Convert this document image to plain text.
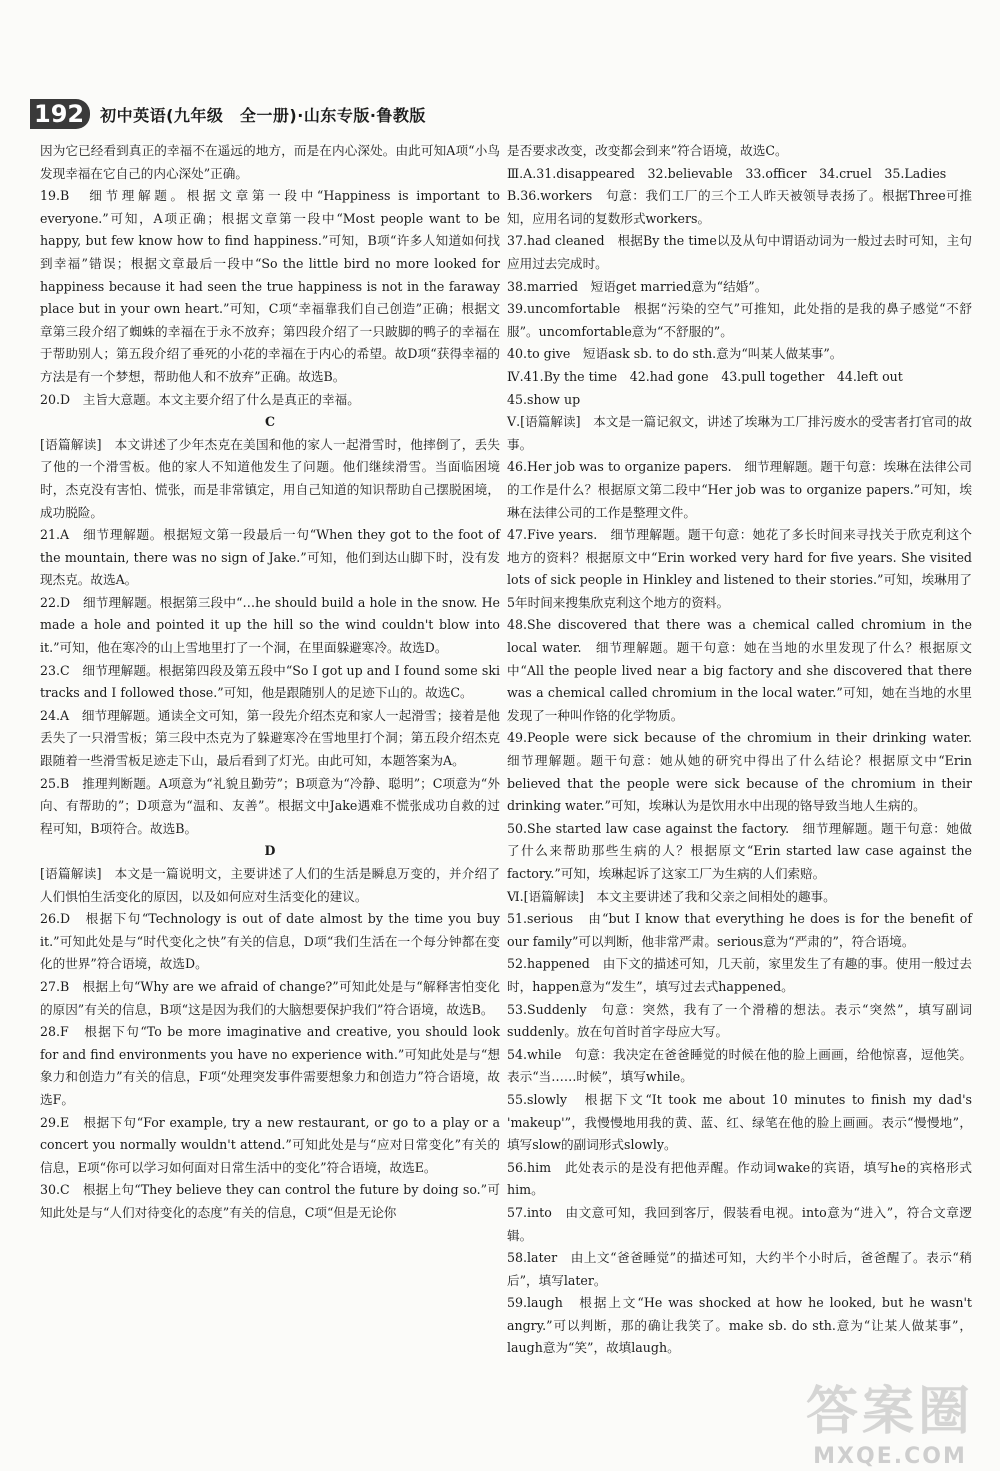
192	初中英语(九年级　全一册)·山东专版·鲁教版

因为它已经看到真正的幸福不在遥远的地方，而是在内心深处。由此可知A项“小鸟发现幸福在它自己的内心深处”正确。

19.B　细节理解题。根据文章第一段中“Happiness is important to everyone.”可知，A项正确；根据文章第一段中“Most people want to be happy, but few know how to find happiness.”可知，B项“许多人知道如何找到幸福”错误；根据文章最后一段中“So the little bird no more looked for happiness because it had seen the true happiness is not in the faraway place but in your own heart.”可知，C项“幸福靠我们自己创造”正确；根据文章第三段介绍了蜘蛛的幸福在于永不放弃；第四段介绍了一只跛脚的鸭子的幸福在于帮助别人；第五段介绍了垂死的小花的幸福在于内心的希望。故D项“获得幸福的方法是有一个梦想，帮助他人和不放弃”正确。故选B。

20.D　主旨大意题。本文主要介绍了什么是真正的幸福。

C

[语篇解读]　本文讲述了少年杰克在美国和他的家人一起滑雪时，他摔倒了，丢失了他的一个滑雪板。他的家人不知道他发生了问题。他们继续滑雪。当面临困境时，杰克没有害怕、慌张，而是非常镇定，用自己知道的知识帮助自己摆脱困境，成功脱险。

21.A　细节理解题。根据短文第一段最后一句“When they got to the foot of the mountain, there was no sign of Jake.”可知，他们到达山脚下时，没有发现杰克。故选A。

22.D　细节理解题。根据第三段中“…he should build a hole in the snow. He made a hole and pointed it up the hill so the wind couldn't blow into it.”可知，他在寒冷的山上雪地里打了一个洞，在里面躲避寒冷。故选D。

23.C　细节理解题。根据第四段及第五段中“So I got up and I found some ski tracks and I followed those.”可知，他是跟随别人的足迹下山的。故选C。

24.A　细节理解题。通读全文可知，第一段先介绍杰克和家人一起滑雪；接着是他丢失了一只滑雪板；第三段中杰克为了躲避寒冷在雪地里打个洞；第五段介绍杰克跟随着一些滑雪板足迹走下山，最后看到了灯光。由此可知，本题答案为A。

25.B　推理判断题。A项意为“礼貌且勤劳”；B项意为“冷静、聪明”；C项意为“外向、有帮助的”；D项意为“温和、友善”。根据文中Jake遇难不慌张成功自救的过程可知，B项符合。故选B。

D

[语篇解读]　本文是一篇说明文，主要讲述了人们的生活是瞬息万变的，并介绍了人们惧怕生活变化的原因，以及如何应对生活变化的建议。

26.D　根据下句“Technology is out of date almost by the time you buy it.”可知此处是与“时代变化之快”有关的信息，D项“我们生活在一个每分钟都在变化的世界”符合语境，故选D。

27.B　根据上句“Why are we afraid of change?”可知此处是与“解释害怕变化的原因”有关的信息，B项“这是因为我们的大脑想要保护我们”符合语境，故选B。

28.F　根据下句“To be more imaginative and creative, you should look for and find environments you have no experience with.”可知此处是与“想象力和创造力”有关的信息，F项“处理突发事件需要想象力和创造力”符合语境，故选F。

29.E　根据下句“For example, try a new restaurant, or go to a play or a concert you normally wouldn't attend.”可知此处是与“应对日常变化”有关的信息，E项“你可以学习如何面对日常生活中的变化”符合语境，故选E。

30.C　根据上句“They believe they can control the future by doing so.”可知此处是与“人们对待变化的态度”有关的信息，C项“但是无论你

是否要求改变，改变都会到来”符合语境，故选C。

Ⅲ.A.31.disappeared　32.believable　33.officer　34.cruel　35.Ladies

B.36.workers　句意：我们工厂的三个工人昨天被领导表扬了。根据Three可推知，应用名词的复数形式workers。

37.had cleaned　根据By the time以及从句中谓语动词为一般过去时可知，主句应用过去完成时。

38.married　短语get married意为“结婚”。

39.uncomfortable　根据“污染的空气”可推知，此处指的是我的鼻子感觉“不舒服”。uncomfortable意为“不舒服的”。

40.to give　短语ask sb. to do sth.意为“叫某人做某事”。

Ⅳ.41.By the time　42.had gone　43.pull together　44.left out

45.show up

Ⅴ.[语篇解读]　本文是一篇记叙文，讲述了埃琳为工厂排污废水的受害者打官司的故事。

46.Her job was to organize papers.　细节理解题。题干句意：埃琳在法律公司的工作是什么？根据原文第二段中“Her job was to organize papers.”可知，埃琳在法律公司的工作是整理文件。

47.Five years.　细节理解题。题干句意：她花了多长时间来寻找关于欣克利这个地方的资料？根据原文中“Erin worked very hard for five years. She visited lots of sick people in Hinkley and listened to their stories.”可知，埃琳用了5年时间来搜集欣克利这个地方的资料。

48.She discovered that there was a chemical called chromium in the local water.　细节理解题。题干句意：她在当地的水里发现了什么？根据原文中“All the people lived near a big factory and she discovered that there was a chemical called chromium in the local water.”可知，她在当地的水里发现了一种叫作铬的化学物质。

49.People were sick because of the chromium in their drinking water.　细节理解题。题干句意：她从她的研究中得出了什么结论？根据原文中“Erin believed that the people were sick because of the chromium in their drinking water.”可知，埃琳认为是饮用水中出现的铬导致当地人生病的。

50.She started law case against the factory.　细节理解题。题干句意：她做了什么来帮助那些生病的人？根据原文“Erin started law case against the factory.”可知，埃琳起诉了这家工厂为生病的人们索赔。

Ⅵ.[语篇解读]　本文主要讲述了我和父亲之间相处的趣事。

51.serious　由“but I know that everything he does is for the benefit of our family”可以判断，他非常严肃。serious意为“严肃的”，符合语境。

52.happened　由下文的描述可知，几天前，家里发生了有趣的事。使用一般过去时，happen意为“发生”，填写过去式happened。

53.Suddenly　句意：突然，我有了一个滑稽的想法。表示“突然”，填写副词suddenly。放在句首时首字母应大写。

54.while　句意：我决定在爸爸睡觉的时候在他的脸上画画，给他惊喜，逗他笑。表示“当……时候”，填写while。

55.slowly　根据下文“It took me about 10 minutes to finish my dad's 'makeup'”，我慢慢地用我的黄、蓝、红、绿笔在他的脸上画画。表示“慢慢地”，填写slow的副词形式slowly。

56.him　此处表示的是没有把他弄醒。作动词wake的宾语，填写he的宾格形式him。

57.into　由文意可知，我回到客厅，假装看电视。into意为“进入”，符合文章逻辑。

58.later　由上文“爸爸睡觉”的描述可知，大约半个小时后，爸爸醒了。表示“稍后”，填写later。

59.laugh　根据上文“He was shocked at how he looked, but he wasn't angry.”可以判断，那的确让我笑了。make sb. do sth.意为“让某人做某事”，laugh意为“笑”，故填laugh。

答案圈
MXQE.COM
